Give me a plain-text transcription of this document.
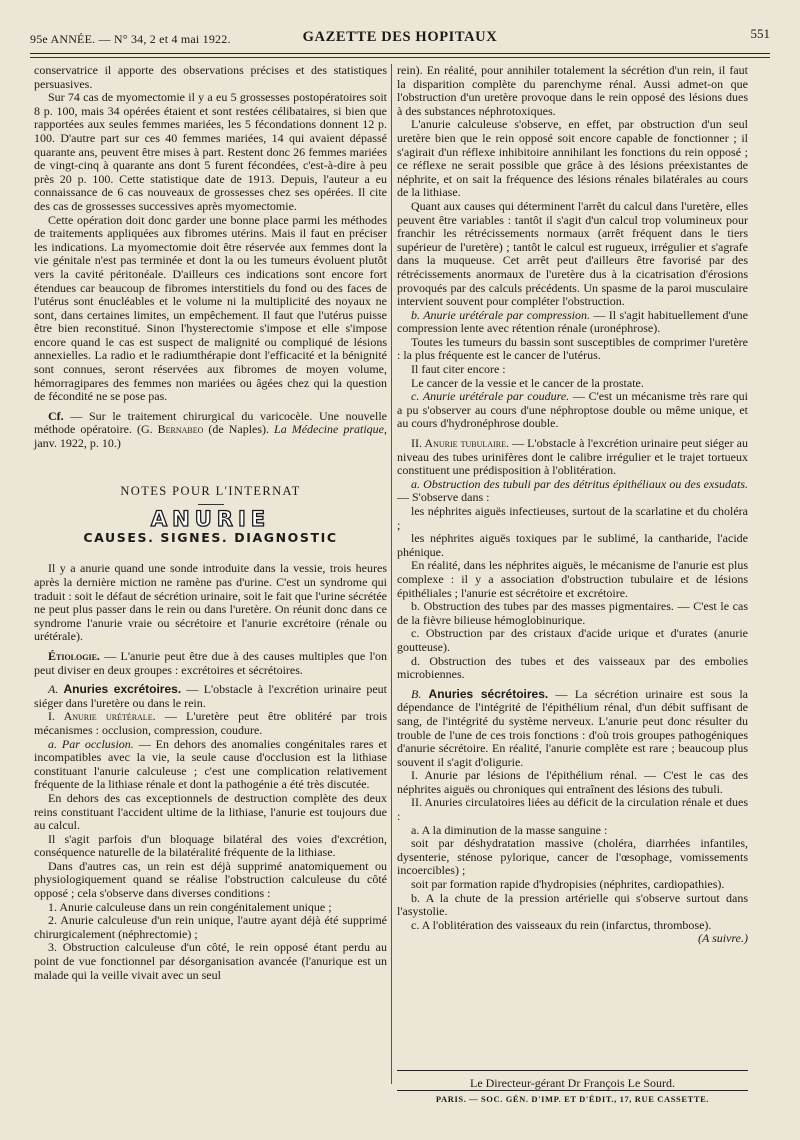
95e ANNÉE. — N° 34, 2 et 4 mai 1922.	GAZETTE DES HOPITAUX	551

conservatrice il apporte des observations précises et des statistiques persuasives.

Sur 74 cas de myomectomie il y a eu 5 grossesses postopératoires soit 8 p. 100, mais 34 opérées étaient et sont restées célibataires, si bien que rapportées aux seules femmes mariées, les 5 fécondations donnent 12 p. 100. D'autre part sur ces 40 femmes mariées, 14 qui avaient dépassé quarante ans, peuvent être mises à part. Restent donc 26 femmes mariées de vingt-cinq à quarante ans dont 5 furent fécondées, c'est-à-dire à peu près 20 p. 100. Cette statistique date de 1913. Depuis, l'auteur a eu connaissance de 6 cas nouveaux de grossesses chez ses opérées. Il cite des cas de grossesses successives après myomectomie.

Cette opération doit donc garder une bonne place parmi les méthodes de traitements appliquées aux fibromes utérins. Mais il faut en préciser les indications. La myomectomie doit être réservée aux femmes dont la vie génitale n'est pas terminée et dont la ou les tumeurs évoluent plutôt vers la cavité péritonéale. D'ailleurs ces indications sont encore fort étendues car beaucoup de fibromes interstitiels du fond ou des faces de l'utérus sont énucléables et le volume ni la multiplicité des noyaux ne sont, dans certaines limites, un empêchement. Il faut que l'utérus puisse être bien reconstitué. Sinon l'hysterectomie s'impose et elle s'impose encore quand le cas est suspect de malignité ou compliqué de lésions annexielles. La radio et le radiumthérapie dont l'efficacité et la bénignité sont connues, seront réservées aux fibromes de moyen volume, hémorragipares des femmes non mariées ou âgées chez qui la question de fécondité ne se pose pas.

Cf. — Sur le traitement chirurgical du varicocèle. Une nouvelle méthode opératoire. (G. Bernabeo (de Naples). La Médecine pratique, janv. 1922, p. 10.)

NOTES POUR L'INTERNAT
ANURIE
CAUSES. SIGNES. DIAGNOSTIC

Il y a anurie quand une sonde introduite dans la vessie, trois heures après la dernière miction ne ramène pas d'urine. C'est un syndrome qui traduit : soit le défaut de sécrétion urinaire, soit le fait que l'urine sécrétée ne peut plus passer dans le rein ou dans l'uretère. On réunit donc dans ce syndrome l'anurie vraie ou sécrétoire et l'anurie excrétoire (rénale ou urétérale).

Étiologie. — L'anurie peut être due à des causes multiples que l'on peut diviser en deux groupes : excrétoires et sécrétoires.

A. Anuries excrétoires. — L'obstacle à l'excrétion urinaire peut siéger dans l'uretère ou dans le rein.

I. Anurie urétérale. — L'uretère peut être oblitéré par trois mécanismes : occlusion, compression, coudure.

a. Par occlusion. — En dehors des anomalies congénitales rares et incompatibles avec la vie, la seule cause d'occlusion est la lithiase constituant l'anurie calculeuse ; c'est une complication relativement fréquente de la lithiase rénale et dont la pathogénie a été très discutée.

En dehors des cas exceptionnels de destruction complète des deux reins constituant l'accident ultime de la lithiase, l'anurie est toujours due au calcul.

Il s'agit parfois d'un bloquage bilatéral des voies d'excrétion, conséquence naturelle de la bilatéralité fréquente de la lithiase.

Dans d'autres cas, un rein est déjà supprimé anatomiquement ou physiologiquement quand se réalise l'obstruction calculeuse du côté opposé ; cela s'observe dans diverses conditions :

1. Anurie calculeuse dans un rein congénitalement unique ;

2. Anurie calculeuse d'un rein unique, l'autre ayant déjà été supprimé chirurgicalement (néphrectomie) ;

3. Obstruction calculeuse d'un côté, le rein opposé étant perdu au point de vue fonctionnel par désorganisation avancée (l'anurique est un malade qui la veille vivait avec un seul

rein). En réalité, pour annihiler totalement la sécrétion d'un rein, il faut la disparition complète du parenchyme rénal. Aussi admet-on que l'obstruction d'un uretère provoque dans le rein opposé des lésions dues à des substances néphrotoxiques.

L'anurie calculeuse s'observe, en effet, par obstruction d'un seul uretère bien que le rein opposé soit encore capable de fonctionner ; il s'agirait d'un réflexe inhibitoire annihilant les fonctions du rein opposé ; ce réflexe ne serait possible que grâce à des lésions préexistantes de néphrite, et on sait la fréquence des lésions rénales bilatérales au cours de la lithiase.

Quant aux causes qui déterminent l'arrêt du calcul dans l'uretère, elles peuvent être variables : tantôt il s'agit d'un calcul trop volumineux pour franchir les rétrécissements normaux (arrêt fréquent dans le tiers supérieur de l'uretère) ; tantôt le calcul est rugueux, irrégulier et s'agrafe dans la muqueuse. Cet arrêt peut d'ailleurs être favorisé par des rétrécissements anormaux de l'uretère dus à la cicatrisation d'érosions provoqués par des calculs précédents. Un spasme de la paroi musculaire intervient souvent pour compléter l'obstruction.

b. Anurie urétérale par compression. — Il s'agit habituellement d'une compression lente avec rétention rénale (uronéphrose).

Toutes les tumeurs du bassin sont susceptibles de comprimer l'uretère : la plus fréquente est le cancer de l'utérus.

Il faut citer encore :

Le cancer de la vessie et le cancer de la prostate.

c. Anurie urétérale par coudure. — C'est un mécanisme très rare qui a pu s'observer au cours d'une néphroptose double ou même unique, et au cours d'hydronéphrose double.

II. Anurie tubulaire. — L'obstacle à l'excrétion urinaire peut siéger au niveau des tubes urinifères dont le calibre irrégulier et le trajet tortueux constituent une prédisposition à l'oblitération.

a. Obstruction des tubuli par des détritus épithéliaux ou des exsudats. — S'observe dans :

les néphrites aiguës infectieuses, surtout de la scarlatine et du choléra ;

les néphrites aiguës toxiques par le sublimé, la cantharide, l'acide phénique.

En réalité, dans les néphrites aiguës, le mécanisme de l'anurie est plus complexe : il y a association d'obstruction tubulaire et de lésions épithéliales ; l'anurie est sécrétoire et excrétoire.

b. Obstruction des tubes par des masses pigmentaires. — C'est le cas de la fièvre bilieuse hémoglobinurique.

c. Obstruction par des cristaux d'acide urique et d'urates (anurie goutteuse).

d. Obstruction des tubes et des vaisseaux par des embolies microbiennes.

B. Anuries sécrétoires. — La sécrétion urinaire est sous la dépendance de l'intégrité de l'épithélium rénal, d'un débit suffisant de sang, de l'intégrité du système nerveux. L'anurie peut donc résulter du trouble de l'une de ces trois fonctions : d'où trois groupes pathogéniques d'anurie sécrétoire. En réalité, l'anurie complète est rare ; beaucoup plus souvent il s'agit d'oligurie.

I. Anurie par lésions de l'épithélium rénal. — C'est le cas des néphrites aiguës ou chroniques qui entraînent des lésions des tubuli.

II. Anuries circulatoires liées au déficit de la circulation rénale et dues :

a. A la diminution de la masse sanguine :

soit par déshydratation massive (choléra, diarrhées infantiles, dysenterie, sténose pylorique, cancer de l'œsophage, vomissements incoercibles) ;

soit par formation rapide d'hydropisies (néphrites, cardiopathies).

b. A la chute de la pression artérielle qui s'observe surtout dans l'asystolie.

c. A l'oblitération des vaisseaux du rein (infarctus, thrombose).

(A suivre.)

Le Directeur-gérant Dr François Le Sourd.
PARIS. — SOC. GÉN. D'IMP. ET D'ÉDIT., 17, RUE CASSETTE.
